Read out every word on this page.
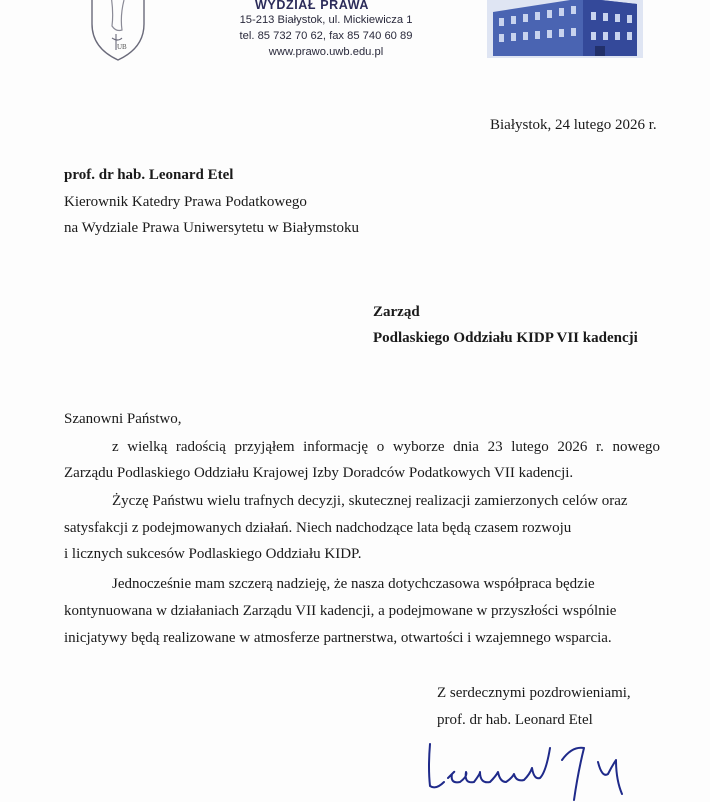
UB
WYDZIAŁ PRAWA
15-213 Białystok, ul. Mickiewicza 1
tel. 85 732 70 62, fax 85 740 60 89
www.prawo.uwb.edu.pl
Białystok, 24 lutego 2026 r.
prof. dr hab. Leonard Etel
Kierownik Katedry Prawa Podatkowego
na Wydziale Prawa Uniwersytetu w Białymstoku
Zarząd
Podlaskiego Oddziału KIDP VII kadencji
Szanowni Państwo,
z wielką radością przyjąłem informację o wyborze dnia 23 lutego 2026 r. nowego
Zarządu Podlaskiego Oddziału Krajowej Izby Doradców Podatkowych VII kadencji.
Życzę Państwu wielu trafnych decyzji, skutecznej realizacji zamierzonych celów oraz
satysfakcji z podejmowanych działań. Niech nadchodzące lata będą czasem rozwoju
i licznych sukcesów Podlaskiego Oddziału KIDP.
Jednocześnie mam szczerą nadzieję, że nasza dotychczasowa współpraca będzie
kontynuowana w działaniach Zarządu VII kadencji, a podejmowane w przyszłości wspólnie
inicjatywy będą realizowane w atmosferze partnerstwa, otwartości i wzajemnego wsparcia.
Z serdecznymi pozdrowieniami,
prof. dr hab. Leonard Etel
